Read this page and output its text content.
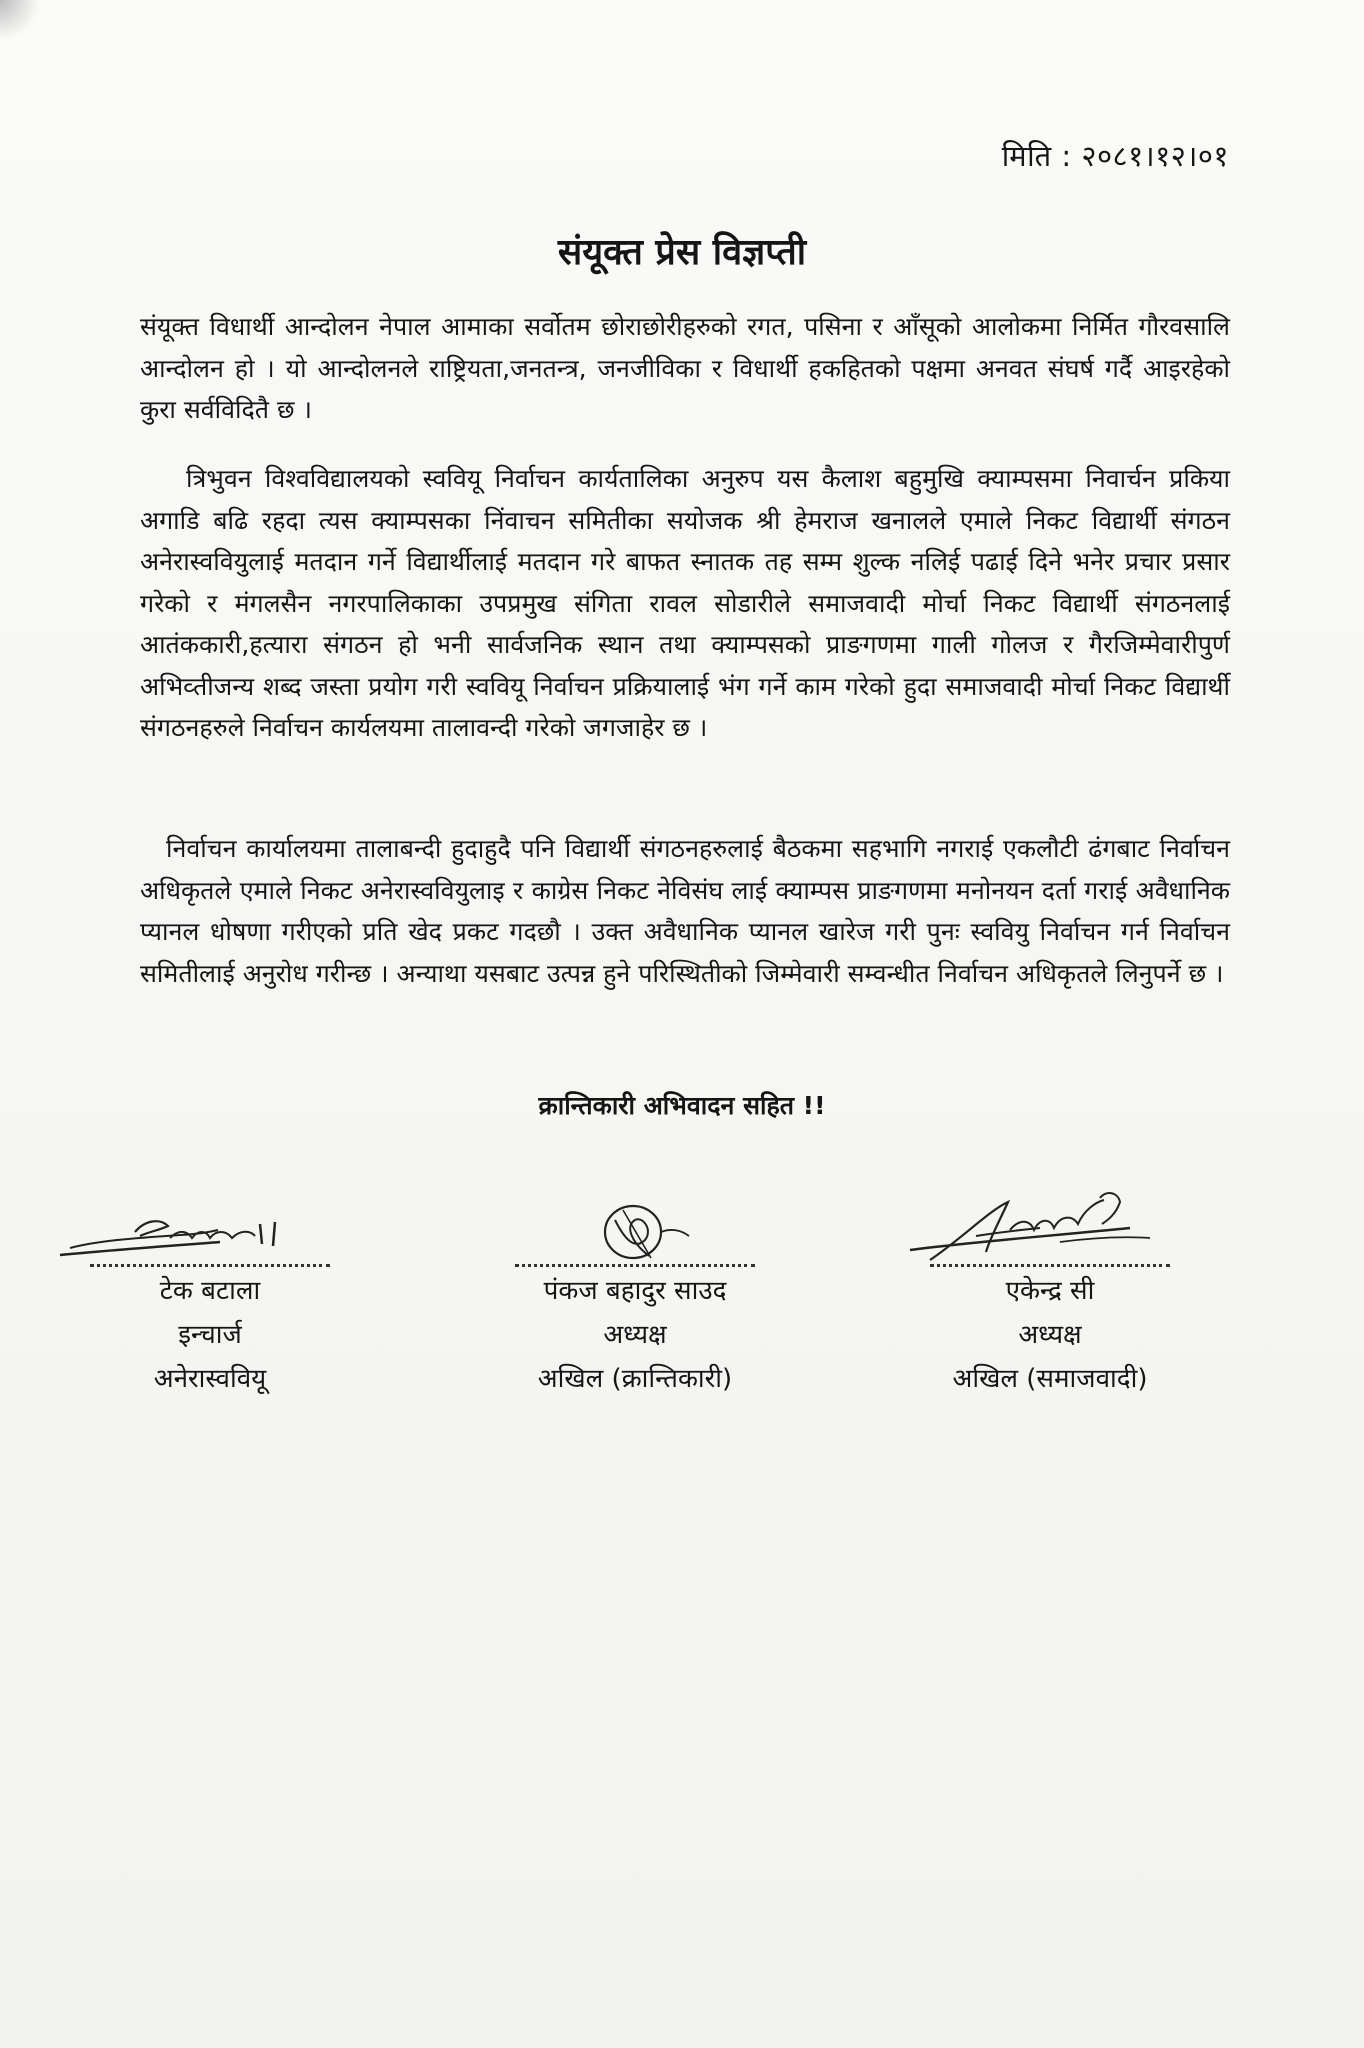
मिति : २०८१।१२।०१
संयूक्त प्रेस विज्ञप्ती

संयूक्त विधार्थी आन्दोलन नेपाल आमाका सर्वोतम छोराछोरीहरुको रगत, पसिना र आँसूको आलोकमा निर्मित गौरवसालि आन्दोलन हो । यो आन्दोलनले राष्ट्रियता,जनतन्त्र, जनजीविका र विधार्थी हकहितको पक्षमा अनवत संघर्ष गर्दै आइरहेको कुरा सर्वविदितै छ ।

त्रिभुवन विश्वविद्यालयको स्ववियू निर्वाचन कार्यतालिका अनुरुप यस कैलाश बहुमुखि क्याम्पसमा निवार्चन प्रकिया अगाडि बढि रहदा त्यस क्याम्पसका निंवाचन समितीका सयोजक श्री हेमराज खनालले एमाले निकट विद्यार्थी संगठन अनेरास्ववियुलाई मतदान गर्ने विद्यार्थीलाई मतदान गरे बाफत स्नातक तह सम्म शुल्क नलिई पढाई दिने भनेर प्रचार प्रसार गरेको र मंगलसैन नगरपालिकाका उपप्रमुख संगिता रावल सोडारीले समाजवादी मोर्चा निकट विद्यार्थी संगठनलाई आतंककारी,हत्यारा संगठन हो भनी सार्वजनिक स्थान तथा क्याम्पसको प्राङगणमा गाली गोलज र गैरजिम्मेवारीपुर्ण अभिव्तीजन्य शब्द जस्ता प्रयोग गरी स्ववियू निर्वाचन प्रक्रियालाई भंग गर्ने काम गरेको हुदा समाजवादी मोर्चा निकट विद्यार्थी संगठनहरुले निर्वाचन कार्यलयमा तालावन्दी गरेको जगजाहेर छ ।

निर्वाचन कार्यालयमा तालाबन्दी हुदाहुदै पनि विद्यार्थी संगठनहरुलाई बैठकमा सहभागि नगराई एकलौटी ढंगबाट निर्वाचन अधिकृतले एमाले निकट अनेरास्ववियुलाइ र काग्रेस निकट नेविसंघ लाई क्याम्पस प्राङगणमा मनोनयन दर्ता गराई अवैधानिक प्यानल धोषणा गरीएको प्रति खेद प्रकट गदछौ । उक्त अवैधानिक प्यानल खारेज गरी पुनः स्ववियु निर्वाचन गर्न निर्वाचन समितीलाई अनुरोध गरीन्छ । अन्याथा यसबाट उत्पन्न हुने परिस्थितीको जिम्मेवारी सम्वन्धीत निर्वाचन अधिकृतले लिनुपर्ने छ ।

क्रान्तिकारी अभिवादन सहित !!
टेक बटाला
इन्चार्ज
अनेरास्ववियू
पंकज बहादुर साउद
अध्यक्ष
अखिल (क्रान्तिकारी)
एकेन्द्र सी
अध्यक्ष
अखिल (समाजवादी)
